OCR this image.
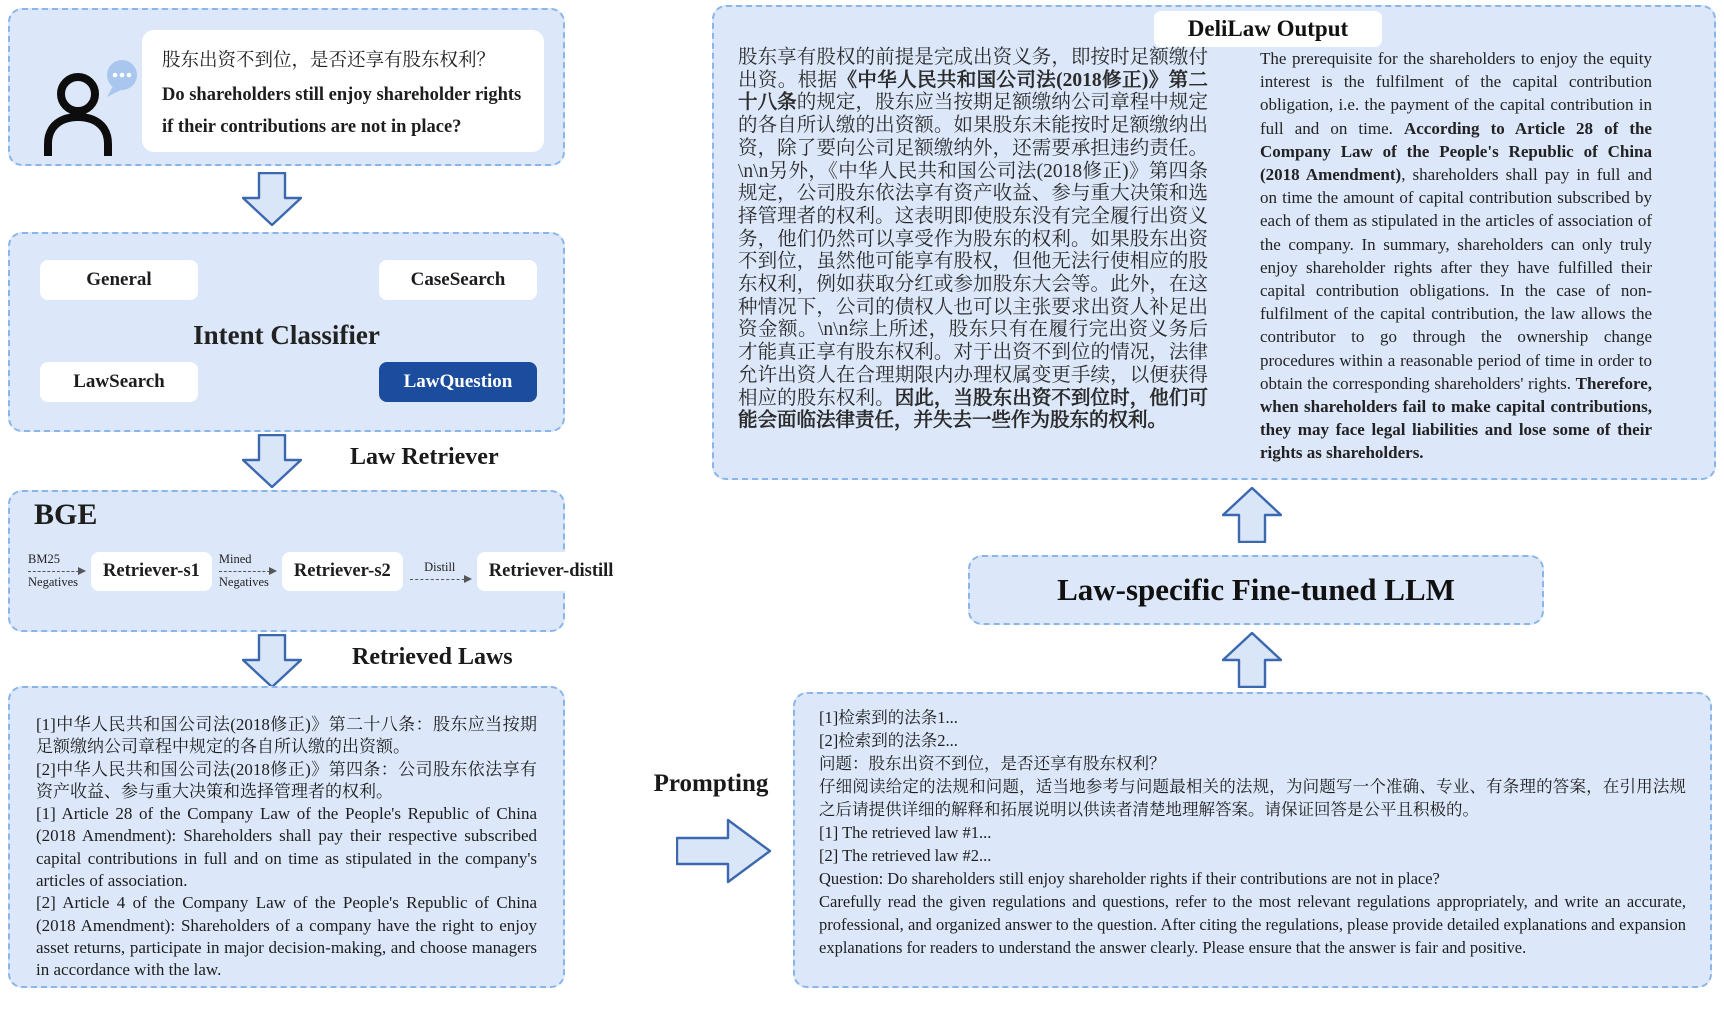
股东出资不到位，是否还享有股东权利？

Do shareholders still enjoy shareholder rights if their contributions are not in place?

General	CaseSearch
Intent Classifier
LawSearch	LawQuestion
Law Retriever
BGE
BM25
Negatives
Retriever-s1
Mined
Negatives
Retriever-s2	Distill	Retriever-distill
Retrieved Laws

[1]中华人民共和国公司法(2018修正)》第二十八条：股东应当按期足额缴纳公司章程中规定的各自所认缴的出资额。

[2]中华人民共和国公司法(2018修正)》第四条：公司股东依法享有资产收益、参与重大决策和选择管理者的权利。

[1] Article 28 of the Company Law of the People's Republic of China (2018 Amendment): Shareholders shall pay their respective subscribed capital contributions in full and on time as stipulated in the company's articles of association.

[2] Article 4 of the Company Law of the People's Republic of China (2018 Amendment): Shareholders of a company have the right to enjoy asset returns, participate in major decision-making, and choose managers in accordance with the law.

Prompting
[1]检索到的法条1...
[2]检索到的法条2...
问题：股东出资不到位，是否还享有股东权利？
仔细阅读给定的法规和问题，适当地参考与问题最相关的法规，为问题写一个准确、专业、有条理的答案，在引用法规之后请提供详细的解释和拓展说明以供读者清楚地理解答案。请保证回答是公平且积极的。
[1] The retrieved law #1...
[2] The retrieved law #2...
Question: Do shareholders still enjoy shareholder rights if their contributions are not in place?
Carefully read the given regulations and questions, refer to the most relevant regulations appropriately, and write an accurate, professional, and organized answer to the question. After citing the regulations, please provide detailed explanations and expansion explanations for readers to understand the answer clearly. Please ensure that the answer is fair and positive.
Law-specific Fine-tuned LLM
DeliLaw Output
股东享有股权的前提是完成出资义务，即按时足额缴付出资。根据《中华人民共和国公司法(2018修正)》第二十八条的规定，股东应当按期足额缴纳公司章程中规定的各自所认缴的出资额。如果股东未能按时足额缴纳出资，除了要向公司足额缴纳外，还需要承担违约责任。\n\n另外，《中华人民共和国公司法(2018修正)》第四条规定，公司股东依法享有资产收益、参与重大决策和选择管理者的权利。这表明即使股东没有完全履行出资义务，他们仍然可以享受作为股东的权利。如果股东出资不到位，虽然他可能享有股权，但他无法行使相应的股东权利，例如获取分红或参加股东大会等。此外，在这种情况下，公司的债权人也可以主张要求出资人补足出资金额。\n\n综上所述，股东只有在履行完出资义务后才能真正享有股东权利。对于出资不到位的情况，法律允许出资人在合理期限内办理权属变更手续，以便获得相应的股东权利。因此，当股东出资不到位时，他们可能会面临法律责任，并失去一些作为股东的权利。
The prerequisite for the shareholders to enjoy the equity interest is the fulfilment of the capital contribution obligation, i.e. the payment of the capital contribution in full and on time. According to Article 28 of the Company Law of the People's Republic of China (2018 Amendment), shareholders shall pay in full and on time the amount of capital contribution subscribed by each of them as stipulated in the articles of association of the company. In summary, shareholders can only truly enjoy shareholder rights after they have fulfilled their capital contribution obligations. In the case of non-fulfilment of the capital contribution, the law allows the contributor to go through the ownership change procedures within a reasonable period of time in order to obtain the corresponding shareholders' rights. Therefore, when shareholders fail to make capital contributions, they may face legal liabilities and lose some of their rights as shareholders.
